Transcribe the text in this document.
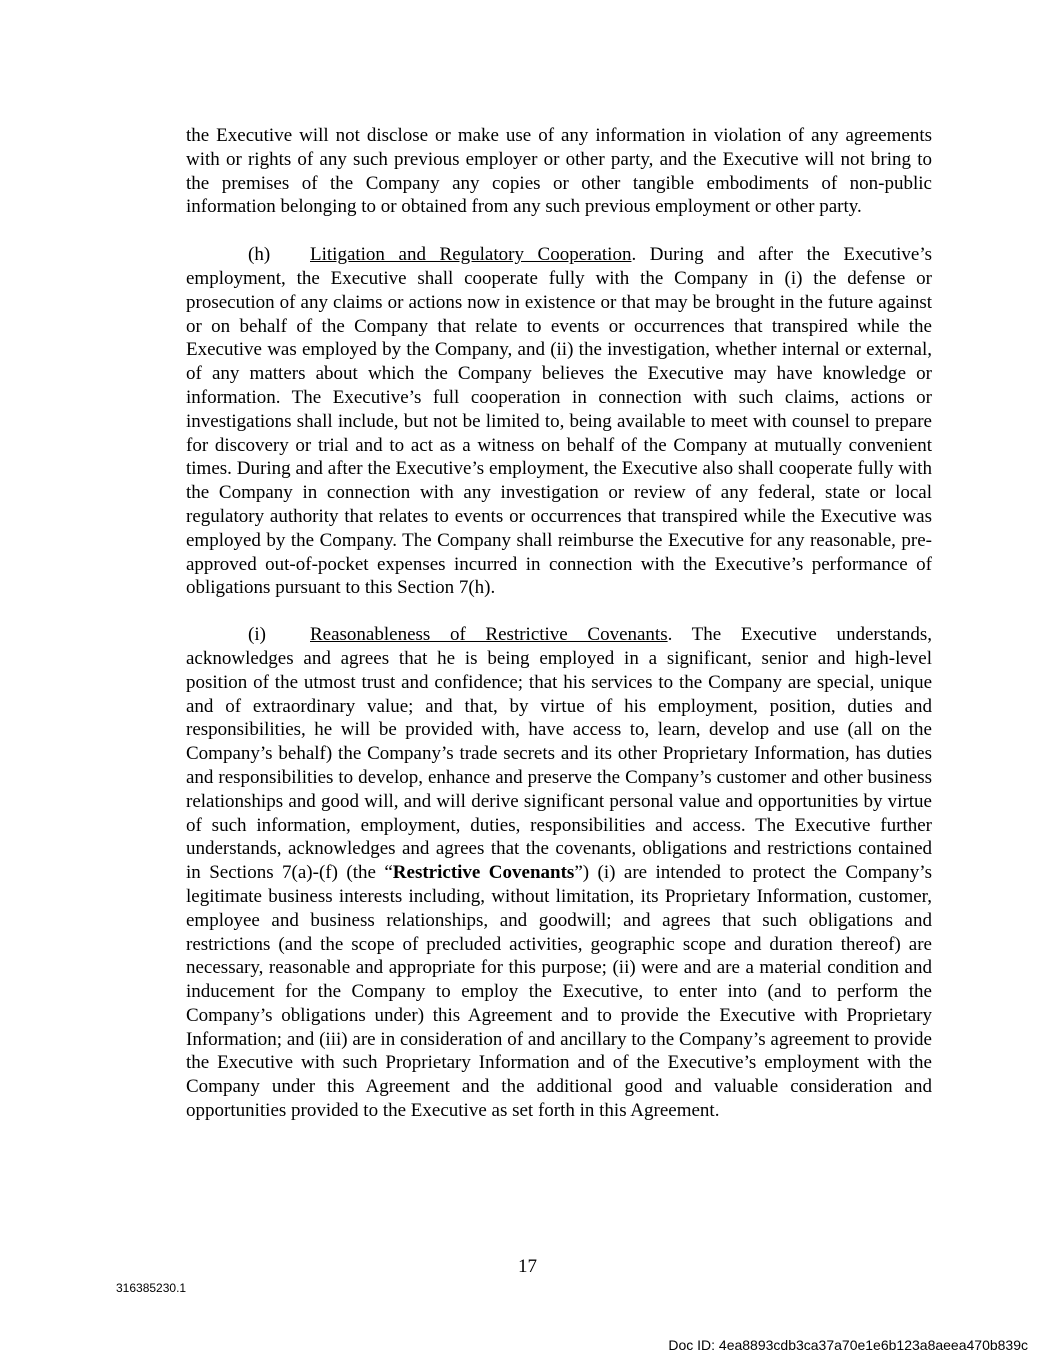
the Executive will not disclose or make use of any information in violation of any agreements with or rights of any such previous employer or other party, and the Executive will not bring to the premises of the Company any copies or other tangible embodiments of non-public information belonging to or obtained from any such previous employment or other party.

(h) Litigation and Regulatory Cooperation. During and after the Executive’s employment, the Executive shall cooperate fully with the Company in (i) the defense or prosecution of any claims or actions now in existence or that may be brought in the future against or on behalf of the Company that relate to events or occurrences that transpired while the Executive was employed by the Company, and (ii) the investigation, whether internal or external, of any matters about which the Company believes the Executive may have knowledge or information. The Executive’s full cooperation in connection with such claims, actions or investigations shall include, but not be limited to, being available to meet with counsel to prepare for discovery or trial and to act as a witness on behalf of the Company at mutually convenient times. During and after the Executive’s employment, the Executive also shall cooperate fully with the Company in connection with any investigation or review of any federal, state or local regulatory authority that relates to events or occurrences that transpired while the Executive was employed by the Company. The Company shall reimburse the Executive for any reasonable, pre-approved out-of-pocket expenses incurred in connection with the Executive’s performance of obligations pursuant to this Section 7(h).

(i) Reasonableness of Restrictive Covenants. The Executive understands, acknowledges and agrees that he is being employed in a significant, senior and high-level position of the utmost trust and confidence; that his services to the Company are special, unique and of extraordinary value; and that, by virtue of his employment, position, duties and responsibilities, he will be provided with, have access to, learn, develop and use (all on the Company’s behalf) the Company’s trade secrets and its other Proprietary Information, has duties and responsibilities to develop, enhance and preserve the Company’s customer and other business relationships and good will, and will derive significant personal value and opportunities by virtue of such information, employment, duties, responsibilities and access. The Executive further understands, acknowledges and agrees that the covenants, obligations and restrictions contained in Sections 7(a)-(f) (the “Restrictive Covenants”) (i) are intended to protect the Company’s legitimate business interests including, without limitation, its Proprietary Information, customer, employee and business relationships, and goodwill; and agrees that such obligations and restrictions (and the scope of precluded activities, geographic scope and duration thereof) are necessary, reasonable and appropriate for this purpose; (ii) were and are a material condition and inducement for the Company to employ the Executive, to enter into (and to perform the Company’s obligations under) this Agreement and to provide the Executive with Proprietary Information; and (iii) are in consideration of and ancillary to the Company’s agreement to provide the Executive with such Proprietary Information and of the Executive’s employment with the Company under this Agreement and the additional good and valuable consideration and opportunities provided to the Executive as set forth in this Agreement.

17
316385230.1
Doc ID: 4ea8893cdb3ca37a70e1e6b123a8aeea470b839c
